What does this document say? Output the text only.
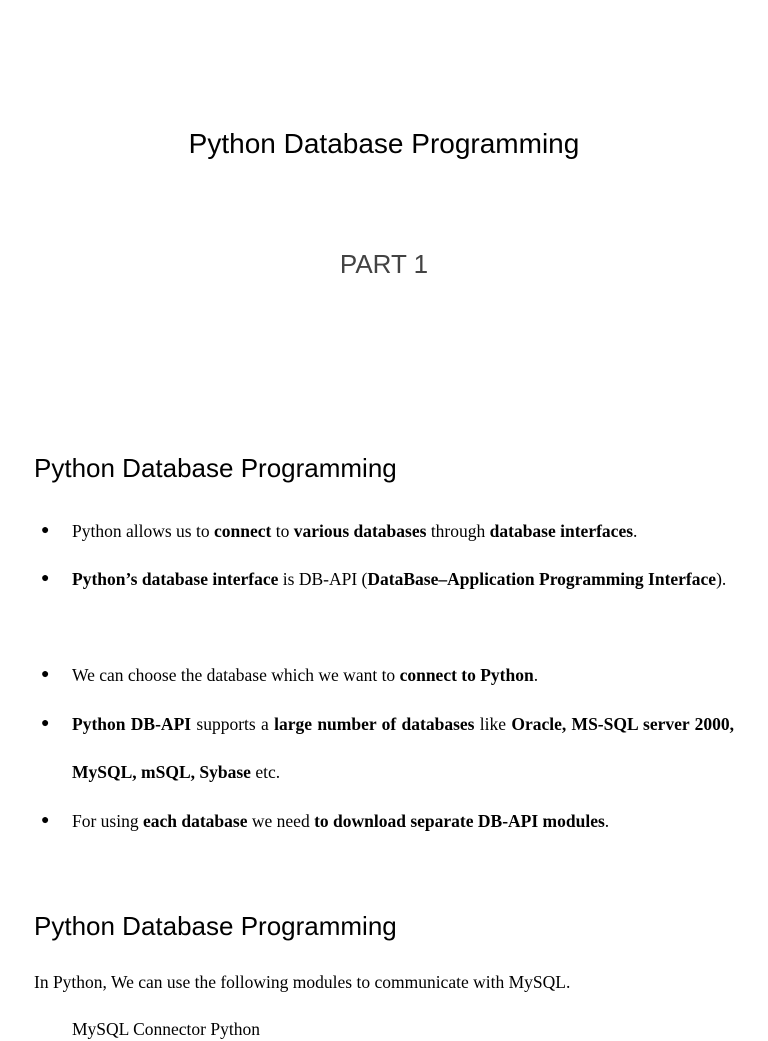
Python Database Programming
PART 1
Python Database Programming
● Python allows us to connect to various databases through database interfaces.
● Python’s database interface is DB-API (DataBase–Application Programming Interface).
● We can choose the database which we want to connect to Python.
● Python DB-API supports a large number of databases like Oracle, MS-SQL server 2000, MySQL, mSQL, Sybase etc.
● For using each database we need to download separate DB-API modules.
Python Database Programming
In Python, We can use the following modules to communicate with MySQL.
MySQL Connector Python
